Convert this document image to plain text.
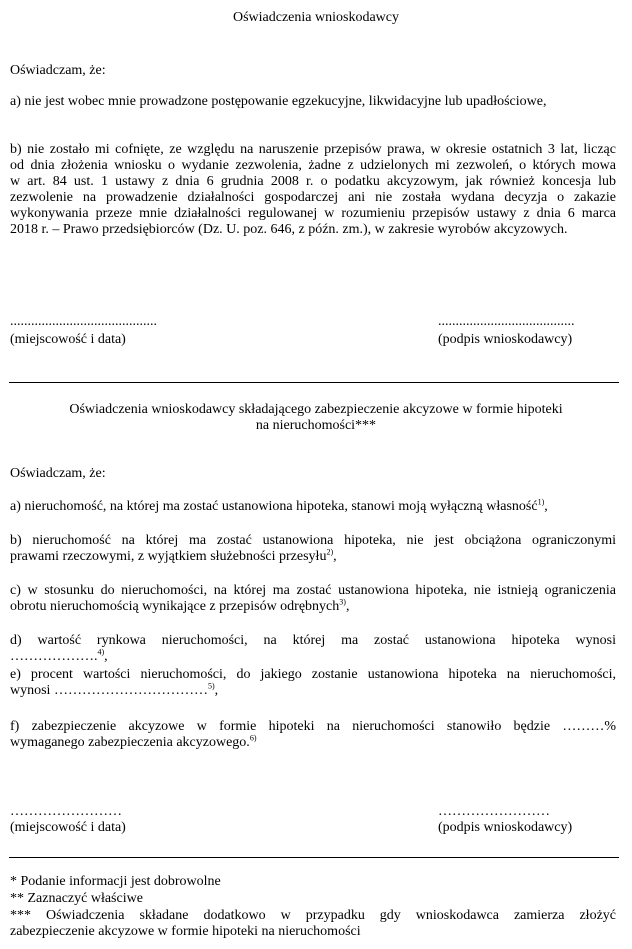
Oświadczenia wnioskodawcy
Oświadczam, że:
a) nie jest wobec mnie prowadzone postępowanie egzekucyjne, likwidacyjne lub upadłościowe,
b) nie zostało mi cofnięte, ze względu na naruszenie przepisów prawa, w okresie ostatnich 3 lat, licząc
od dnia złożenia wniosku o wydanie zezwolenia, żadne z udzielonych mi zezwoleń, o których mowa
w art. 84 ust. 1 ustawy z dnia 6 grudnia 2008 r. o podatku akcyzowym, jak również koncesja lub
zezwolenie na prowadzenie działalności gospodarczej ani nie została wydana decyzja o zakazie
wykonywania przeze mnie działalności regulowanej w rozumieniu przepisów ustawy z dnia 6 marca
2018 r. – Prawo przedsiębiorców (Dz. U. poz. 646, z późn. zm.), w zakresie wyrobów akcyzowych.
..........................................
(miejscowość i data)
.......................................
(podpis wnioskodawcy)
Oświadczenia wnioskodawcy składającego zabezpieczenie akcyzowe w formie hipoteki
na nieruchomości***
Oświadczam, że:
a) nieruchomość, na której ma zostać ustanowiona hipoteka, stanowi moją wyłączną własność$^{1)}$,
b) nieruchomość na której ma zostać ustanowiona hipoteka, nie jest obciążona ograniczonymi
prawami rzeczowymi, z wyjątkiem służebności przesyłu$^{2)}$,
c) w stosunku do nieruchomości, na której ma zostać ustanowiona hipoteka, nie istnieją ograniczenia
obrotu nieruchomością wynikające z przepisów odrębnych$^{3)}$,
d) wartość rynkowa nieruchomości, na której ma zostać ustanowiona hipoteka wynosi
……………….$^{4)}$,
e) procent wartości nieruchomości, do jakiego zostanie ustanowiona hipoteka na nieruchomości,
wynosi ……………………………$^{5)}$,
f) zabezpieczenie akcyzowe w formie hipoteki na nieruchomości stanowiło będzie ………%
wymaganego zabezpieczenia akcyzowego.$^{6)}$
……………………
(miejscowość i data)
……………………
(podpis wnioskodawcy)
* Podanie informacji jest dobrowolne
** Zaznaczyć właściwe
*** Oświadczenia składane dodatkowo w przypadku gdy wnioskodawca zamierza złożyć
zabezpieczenie akcyzowe w formie hipoteki na nieruchomości
